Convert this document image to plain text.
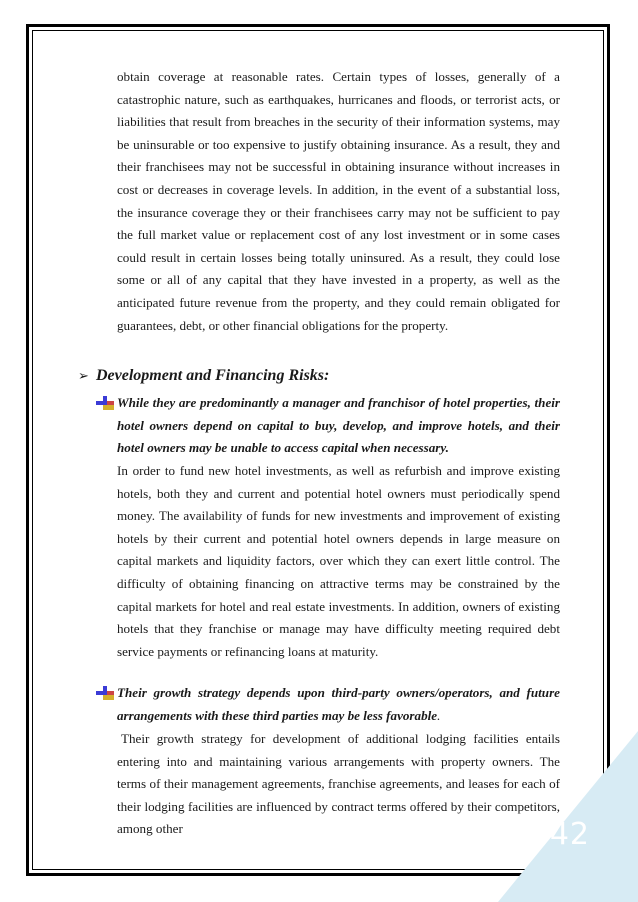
42

obtain coverage at reasonable rates. Certain types of losses, generally of a catastrophic nature, such as earthquakes, hurricanes and floods, or terrorist acts, or liabilities that result from breaches in the security of their information systems, may be uninsurable or too expensive to justify obtaining insurance. As a result, they and their franchisees may not be successful in obtaining insurance without increases in cost or decreases in coverage levels. In addition, in the event of a substantial loss, the insurance coverage they or their franchisees carry may not be sufficient to pay the full market value or replacement cost of any lost investment or in some cases could result in certain losses being totally uninsured. As a result, they could lose some or all of any capital that they have invested in a property, as well as the anticipated future revenue from the property, and they could remain obligated for guarantees, debt, or other financial obligations for the property.

➢ Development and Financing Risks:
While they are predominantly a manager and franchisor of hotel properties, their hotel owners depend on capital to buy, develop, and improve hotels, and their hotel owners may be unable to access capital when necessary.
In order to fund new hotel investments, as well as refurbish and improve existing hotels, both they and current and potential hotel owners must periodically spend money. The availability of funds for new investments and improvement of existing hotels by their current and potential hotel owners depends in large measure on capital markets and liquidity factors, over which they can exert little control. The difficulty of obtaining financing on attractive terms may be constrained by the capital markets for hotel and real estate investments. In addition, owners of existing hotels that they franchise or manage may have difficulty meeting required debt service payments or refinancing loans at maturity.
Their growth strategy depends upon third-party owners/operators, and future arrangements with these third parties may be less favorable.
Their growth strategy for development of additional lodging facilities entails entering into and maintaining various arrangements with property owners. The terms of their management agreements, franchise agreements, and leases for each of their lodging facilities are influenced by contract terms offered by their competitors, among other
